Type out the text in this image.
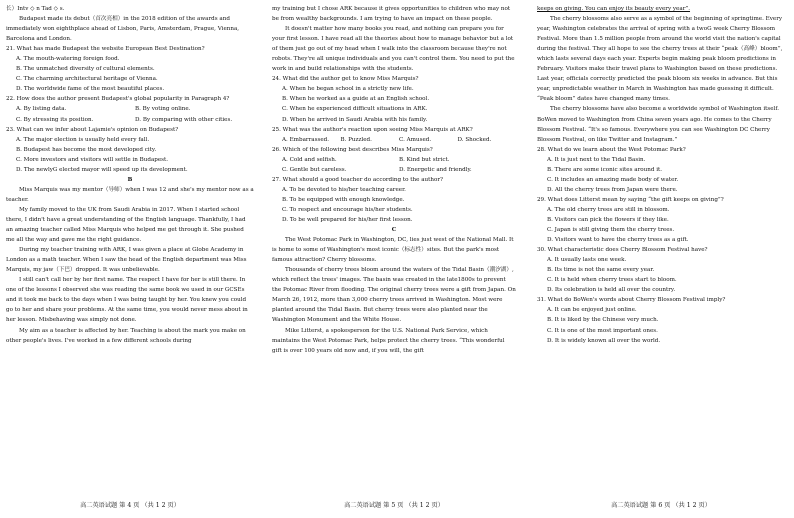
长）Intv ◇ n Tad ◇ s.

Budapest made its debut（首次亮相）in the 2018 edition of the awards and immediately won eighthplace ahead of Lisbon, Paris, Amsterdam, Prague, Vienna, Barcelona and London.

21. What has made Budapest the website European Best Destination?

A. The mouth-watering foreign food.

B. The unmatched diversity of cultural elements.

C. The charming architectural heritage of Vienna.

D. The worldwide fame of the most beautiful places.

22. How does the author present Budapest's global popularity in Paragraph 4?

A. By listing data.	B. By voting online.
C. By stressing its position.	D. By comparing with other cities.

23. What can we infer about Lajamie's opinion on Budapest?

A. The major election is usually held every fall.

B. Budapest has become the most developed city.

C. More investors and visitors will settle in Budapest.

D. The newlyG elected mayor will speed up its development.

B

Miss Marquis was my mentor（导师）when I was 12 and she's my mentor now as a teacher.

My family moved to the UK from Saudi Arabia in 2017. When I started school there, I didn't have a great understanding of the English language. Thankfully, I had an amazing teacher called Miss Marquis who helped me get through it. She pushed me all the way and gave me the right guidance.

During my teacher training with ARK, I was given a place at Globe Academy in London as a math teacher. When I saw the head of the English department was Miss Marquis, my jaw（下巴）dropped. It was unbelievable.

I still can't call her by her first name. The respect I have for her is still there. In one of the lessons I observed she was reading the same book we used in our GCSEs and it took me back to the days when I was being taught by her. You knew you could go to her and share your problems. At the same time, you would never mess about in her lesson. Misbehaving was simply not done.

My aim as a teacher is affected by her. Teaching is about the mark you make on other people's lives. I've worked in a few different schools during

my training but I chose ARK because it gives opportunities to children who may not be from wealthy backgrounds. I am trying to have an impact on these people.

It doesn't matter how many books you read, and nothing can prepare you for your first lesson. I have read all the theories about how to manage behavior but a lot of them just go out of my head when I walk into the classroom because they're not robots. They're all unique individuals and you can't control them. You need to put the work in and build relationships with the students.

24. What did the author get to know Miss Marquis?

A. When he began school in a strictly new life.

B. When he worked as a guide at an English school.

C. When he experienced difficult situations in ARK.

D. When he arrived in Saudi Arabia with his family.

25. What was the author's reaction upon seeing Miss Marquis at ARK?

A. Embarrassed.	B. Puzzled.	C. Amused.	D. Shocked.

26. Which of the following best describes Miss Marquis?

A. Cold and selfish.	B. Kind but strict.
C. Gentle but careless.	D. Energetic and friendly.

27. What should a good teacher do according to the author?

A. To be devoted to his/her teaching career.

B. To be equipped with enough knowledge.

C. To respect and encourage his/her students.

D. To be well prepared for his/her first lesson.

C

The West Potomac Park in Washington, DC, lies just west of the National Mall. It is home to some of Washington's most iconic（标志性）sites. But the park's most famous attraction? Cherry blossoms.

Thousands of cherry trees bloom around the waters of the Tidal Basin（潮汐湖）, which reflect the trees' images. The basin was created in the late1800s to prevent the Potomac River from flooding. The original cherry trees were a gift from Japan. On March 26, 1912, more than 3,000 cherry trees arrived in Washington. Most were planted around the Tidal Basin. But cherry trees were also planted near the Washington Monument and the White House.

Mike Litterst, a spokesperson for the U.S. National Park Service, which maintains the West Potomac Park, helps protect the cherry trees. “This wonderful gift is over 100 years old now and, if you will, the gift

keeps on giving. You can enjoy its beauty every year”.

The cherry blossoms also serve as a symbol of the beginning of springtime. Every year, Washington celebrates the arrival of spring with a twoG week Cherry Blossom Festival. More than 1.5 million people from around the world visit the nation's capital during the festival. They all hope to see the cherry trees at their “peak（高峰）bloom”, which lasts several days each year. Experts begin making peak bloom predictions in February. Visitors make their travel plans to Washington based on these predictions. Last year, officials correctly predicted the peak bloom six weeks in advance. But this year, unpredictable weather in March in Washington has made guessing it difficult. “Peak bloom” dates have changed many times.

The cherry blossoms have also become a worldwide symbol of Washington itself. BoWen moved to Washington from China seven years ago. He comes to the Cherry Blossom Festival. “It's so famous. Everywhere you can see Washington DC Cherry Blossom Festival, on like Twitter and Instagram.”

28. What do we learn about the West Potomac Park?

A. It is just next to the Tidal Basin.

B. There are some iconic sites around it.

C. It includes an amazing made body of water.

D. All the cherry trees from Japan were there.

29. What does Litterst mean by saying “the gift keeps on giving”?

A. The old cherry trees are still in blossom.

B. Visitors can pick the flowers if they like.

C. Japan is still giving them the cherry trees.

D. Visitors want to have the cherry trees as a gift.

30. What characteristic does Cherry Blossom Festival have?

A. It usually lasts one week.

B. Its time is not the same every year.

C. It is held when cherry trees start to bloom.

D. Its celebration is held all over the country.

31. What do BoWen's words about Cherry Blossom Festival imply?

A. It can be enjoyed just online.

B. It is liked by the Chinese very much.

C. It is one of the most important ones.

D. It is widely known all over the world.

高二英语试题 第 4 页 （共 1 2 页）	高二英语试题 第 5 页 （共 1 2 页）	高二英语试题 第 6 页 （共 1 2 页）
